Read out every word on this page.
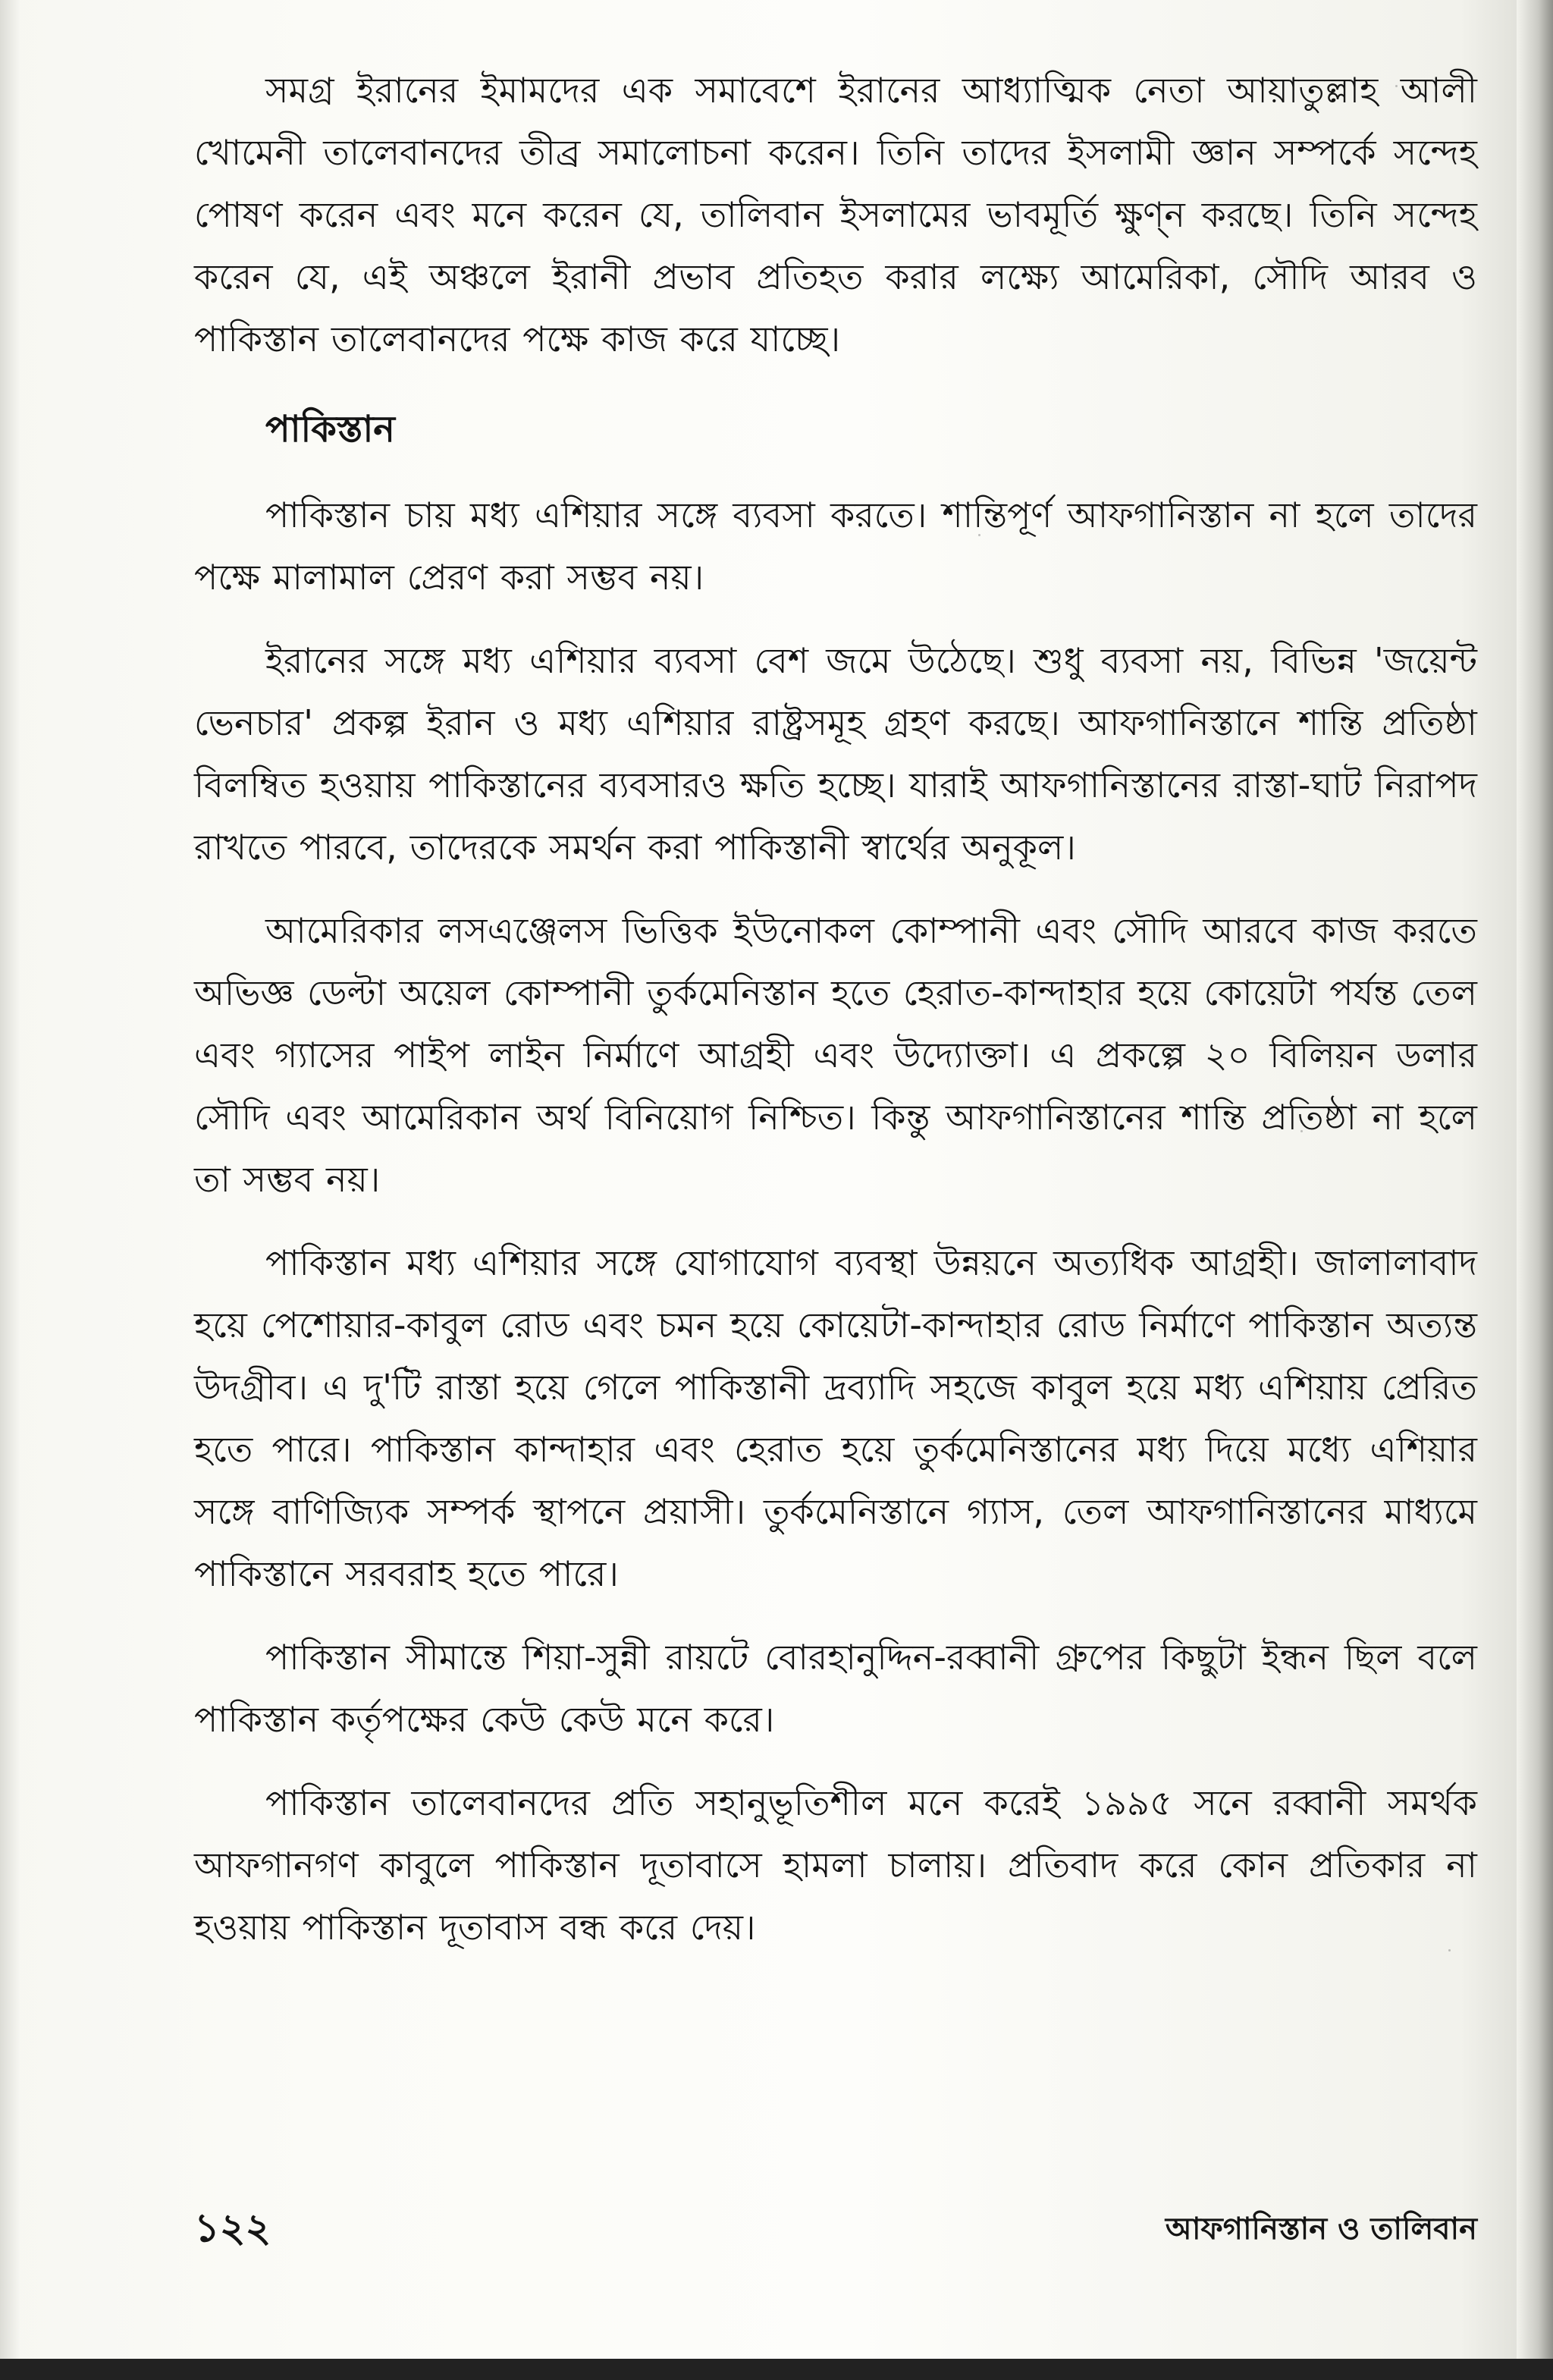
সমগ্র ইরানের ইমামদের এক সমাবেশে ইরানের আধ্যাত্মিক নেতা আয়াতুল্লাহ আলী খোমেনী তালেবানদের তীব্র সমালোচনা করেন। তিনি তাদের ইসলামী জ্ঞান সম্পর্কে সন্দেহ পোষণ করেন এবং মনে করেন যে, তালিবান ইসলামের ভাবমূর্তি ক্ষুণ্ন করছে। তিনি সন্দেহ করেন যে, এই অঞ্চলে ইরানী প্রভাব প্রতিহত করার লক্ষ্যে আমেরিকা, সৌদি আরব ও পাকিস্তান তালেবানদের পক্ষে কাজ করে যাচ্ছে।

পাকিস্তান

পাকিস্তান চায় মধ্য এশিয়ার সঙ্গে ব্যবসা করতে। শান্তিপূর্ণ আফগানিস্তান না হলে তাদের পক্ষে মালামাল প্রেরণ করা সম্ভব নয়।

ইরানের সঙ্গে মধ্য এশিয়ার ব্যবসা বেশ জমে উঠেছে। শুধু ব্যবসা নয়, বিভিন্ন 'জয়েন্ট ভেনচার' প্রকল্প ইরান ও মধ্য এশিয়ার রাষ্ট্রসমূহ গ্রহণ করছে। আফগানিস্তানে শান্তি প্রতিষ্ঠা বিলম্বিত হওয়ায় পাকিস্তানের ব্যবসারও ক্ষতি হচ্ছে। যারাই আফগানিস্তানের রাস্তা-ঘাট নিরাপদ রাখতে পারবে, তাদেরকে সমর্থন করা পাকিস্তানী স্বার্থের অনুকূল।

আমেরিকার লসএঞ্জেলস ভিত্তিক ইউনোকল কোম্পানী এবং সৌদি আরবে কাজ করতে অভিজ্ঞ ডেল্টা অয়েল কোম্পানী তুর্কমেনিস্তান হতে হেরাত-কান্দাহার হয়ে কোয়েটা পর্যন্ত তেল এবং গ্যাসের পাইপ লাইন নির্মাণে আগ্রহী এবং উদ্যোক্তা। এ প্রকল্পে ২০ বিলিয়ন ডলার সৌদি এবং আমেরিকান অর্থ বিনিয়োগ নিশ্চিত। কিন্তু আফগানিস্তানের শান্তি প্রতিষ্ঠা না হলে তা সম্ভব নয়।

পাকিস্তান মধ্য এশিয়ার সঙ্গে যোগাযোগ ব্যবস্থা উন্নয়নে অত্যধিক আগ্রহী। জালালাবাদ হয়ে পেশোয়ার-কাবুল রোড এবং চমন হয়ে কোয়েটা-কান্দাহার রোড নির্মাণে পাকিস্তান অত্যন্ত উদগ্রীব। এ দু'টি রাস্তা হয়ে গেলে পাকিস্তানী দ্রব্যাদি সহজে কাবুল হয়ে মধ্য এশিয়ায় প্রেরিত হতে পারে। পাকিস্তান কান্দাহার এবং হেরাত হয়ে তুর্কমেনিস্তানের মধ্য দিয়ে মধ্যে এশিয়ার সঙ্গে বাণিজ্যিক সম্পর্ক স্থাপনে প্রয়াসী। তুর্কমেনিস্তানে গ্যাস, তেল আফগানিস্তানের মাধ্যমে পাকিস্তানে সরবরাহ হতে পারে।

পাকিস্তান সীমান্তে শিয়া-সুন্নী রায়টে বোরহানুদ্দিন-রব্বানী গ্রুপের কিছুটা ইন্ধন ছিল বলে পাকিস্তান কর্তৃপক্ষের কেউ কেউ মনে করে।

পাকিস্তান তালেবানদের প্রতি সহানুভূতিশীল মনে করেই ১৯৯৫ সনে রব্বানী সমর্থক আফগানগণ কাবুলে পাকিস্তান দূতাবাসে হামলা চালায়। প্রতিবাদ করে কোন প্রতিকার না হওয়ায় পাকিস্তান দূতাবাস বন্ধ করে দেয়।

১২২	আফগানিস্তান ও তালিবান
